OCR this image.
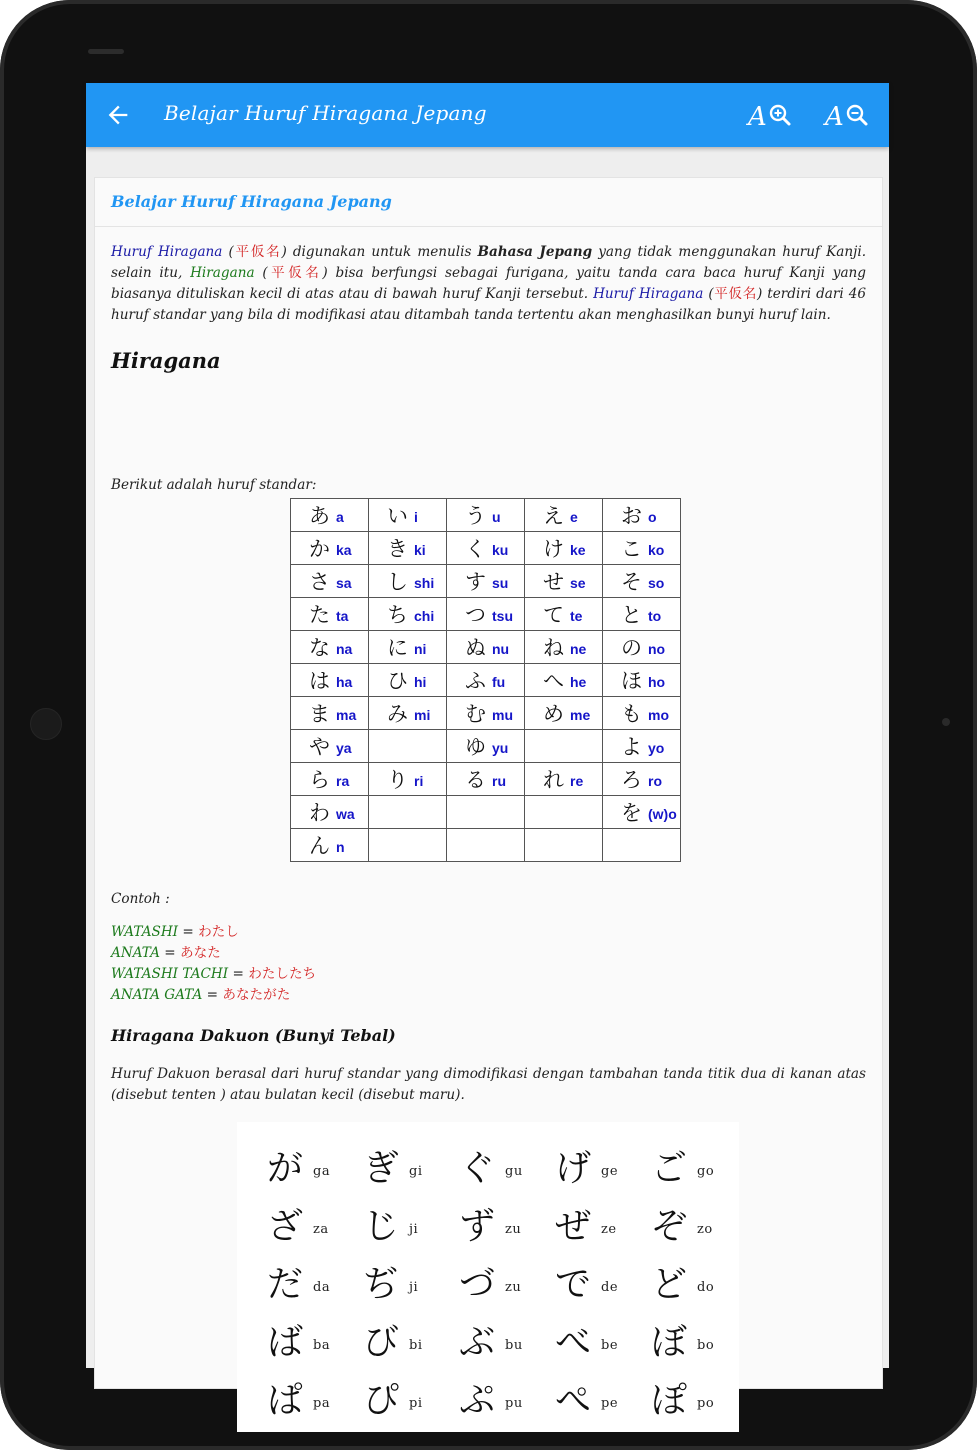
Belajar Huruf Hiragana Jepang	A A
Belajar Huruf Hiragana Jepang
Huruf Hiragana (平仮名) digunakan untuk menulis Bahasa Jepang yang tidak menggunakan huruf Kanji. selain itu, Hiragana (平仮名) bisa berfungsi sebagai furigana, yaitu tanda cara baca huruf Kanji yang biasanya dituliskan kecil di atas atau di bawah huruf Kanji tersebut. Huruf Hiragana (平仮名) terdiri dari 46 huruf standar yang bila di modifikasi atau ditambah tanda tertentu akan menghasilkan bunyi huruf lain.
Hiragana
Berikut adalah huruf standar:
あ a	い i	う u	え e	お o
か ka	き ki	く ku	け ke	こ ko
さ sa	し shi	す su	せ se	そ so
た ta	ち chi	つ tsu	て te	と to
な na	に ni	ぬ nu	ね ne	の no
は ha	ひ hi	ふ fu	へ he	ほ ho
ま ma	み mi	む mu	め me	も mo
や ya		ゆ yu		よ yo
ら ra	り ri	る ru	れ re	ろ ro
わ wa				を (w)o
ん n				
Contoh :
WATASHI = わたし
ANATA = あなた
WATASHI TACHI = わたしたち
ANATA GATA = あなたがた
Hiragana Dakuon (Bunyi Tebal)
Huruf Dakuon berasal dari huruf standar yang dimodifikasi dengan tambahan tanda titik dua di kanan atas (disebut tenten ) atau bulatan kecil (disebut maru).
が ga ぎ gi ぐ gu げ ge ご go
ざ za じ ji ず zu ぜ ze ぞ zo
だ da ぢ ji づ zu で de ど do
ば ba び bi ぶ bu べ be ぼ bo
ぱ pa ぴ pi ぷ pu ぺ pe ぽ po
